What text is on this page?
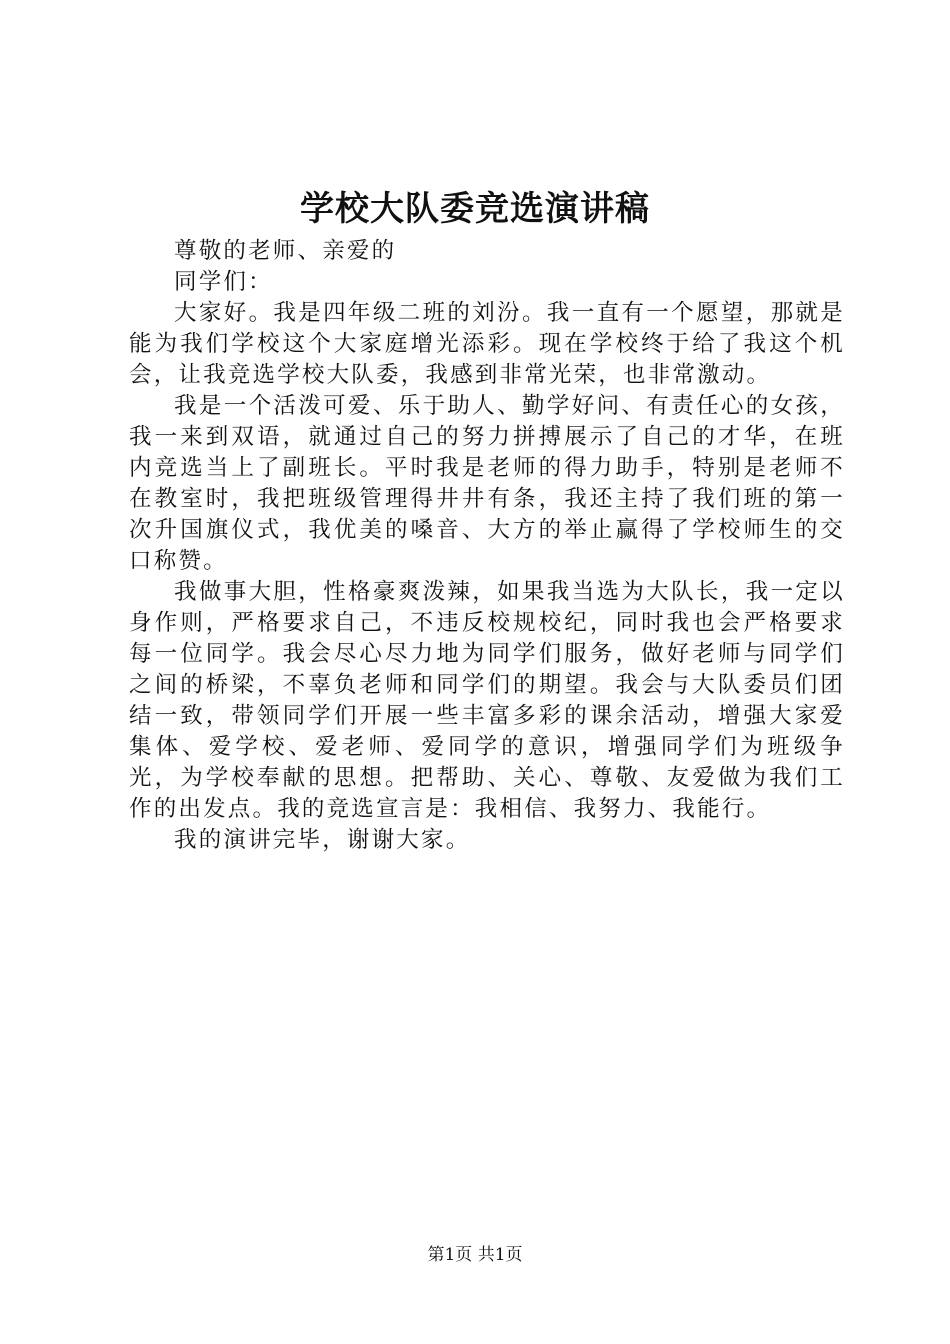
学校大队委竞选演讲稿

尊敬的老师、亲爱的

同学们：

大家好。我是四年级二班的刘汾。我一直有一个愿望，那就是能为我们学校这个大家庭增光添彩。现在学校终于给了我这个机会，让我竞选学校大队委，我感到非常光荣，也非常激动。

我是一个活泼可爱、乐于助人、勤学好问、有责任心的女孩，我一来到双语，就通过自己的努力拼搏展示了自己的才华，在班内竞选当上了副班长。平时我是老师的得力助手，特别是老师不在教室时，我把班级管理得井井有条，我还主持了我们班的第一次升国旗仪式，我优美的嗓音、大方的举止赢得了学校师生的交口称赞。

我做事大胆，性格豪爽泼辣，如果我当选为大队长，我一定以身作则，严格要求自己，不违反校规校纪，同时我也会严格要求每一位同学。我会尽心尽力地为同学们服务，做好老师与同学们之间的桥梁，不辜负老师和同学们的期望。我会与大队委员们团结一致，带领同学们开展一些丰富多彩的课余活动，增强大家爱集体、爱学校、爱老师、爱同学的意识，增强同学们为班级争光，为学校奉献的思想。把帮助、关心、尊敬、友爱做为我们工作的出发点。我的竞选宣言是：我相信、我努力、我能行。

我的演讲完毕，谢谢大家。

第1页 共1页
